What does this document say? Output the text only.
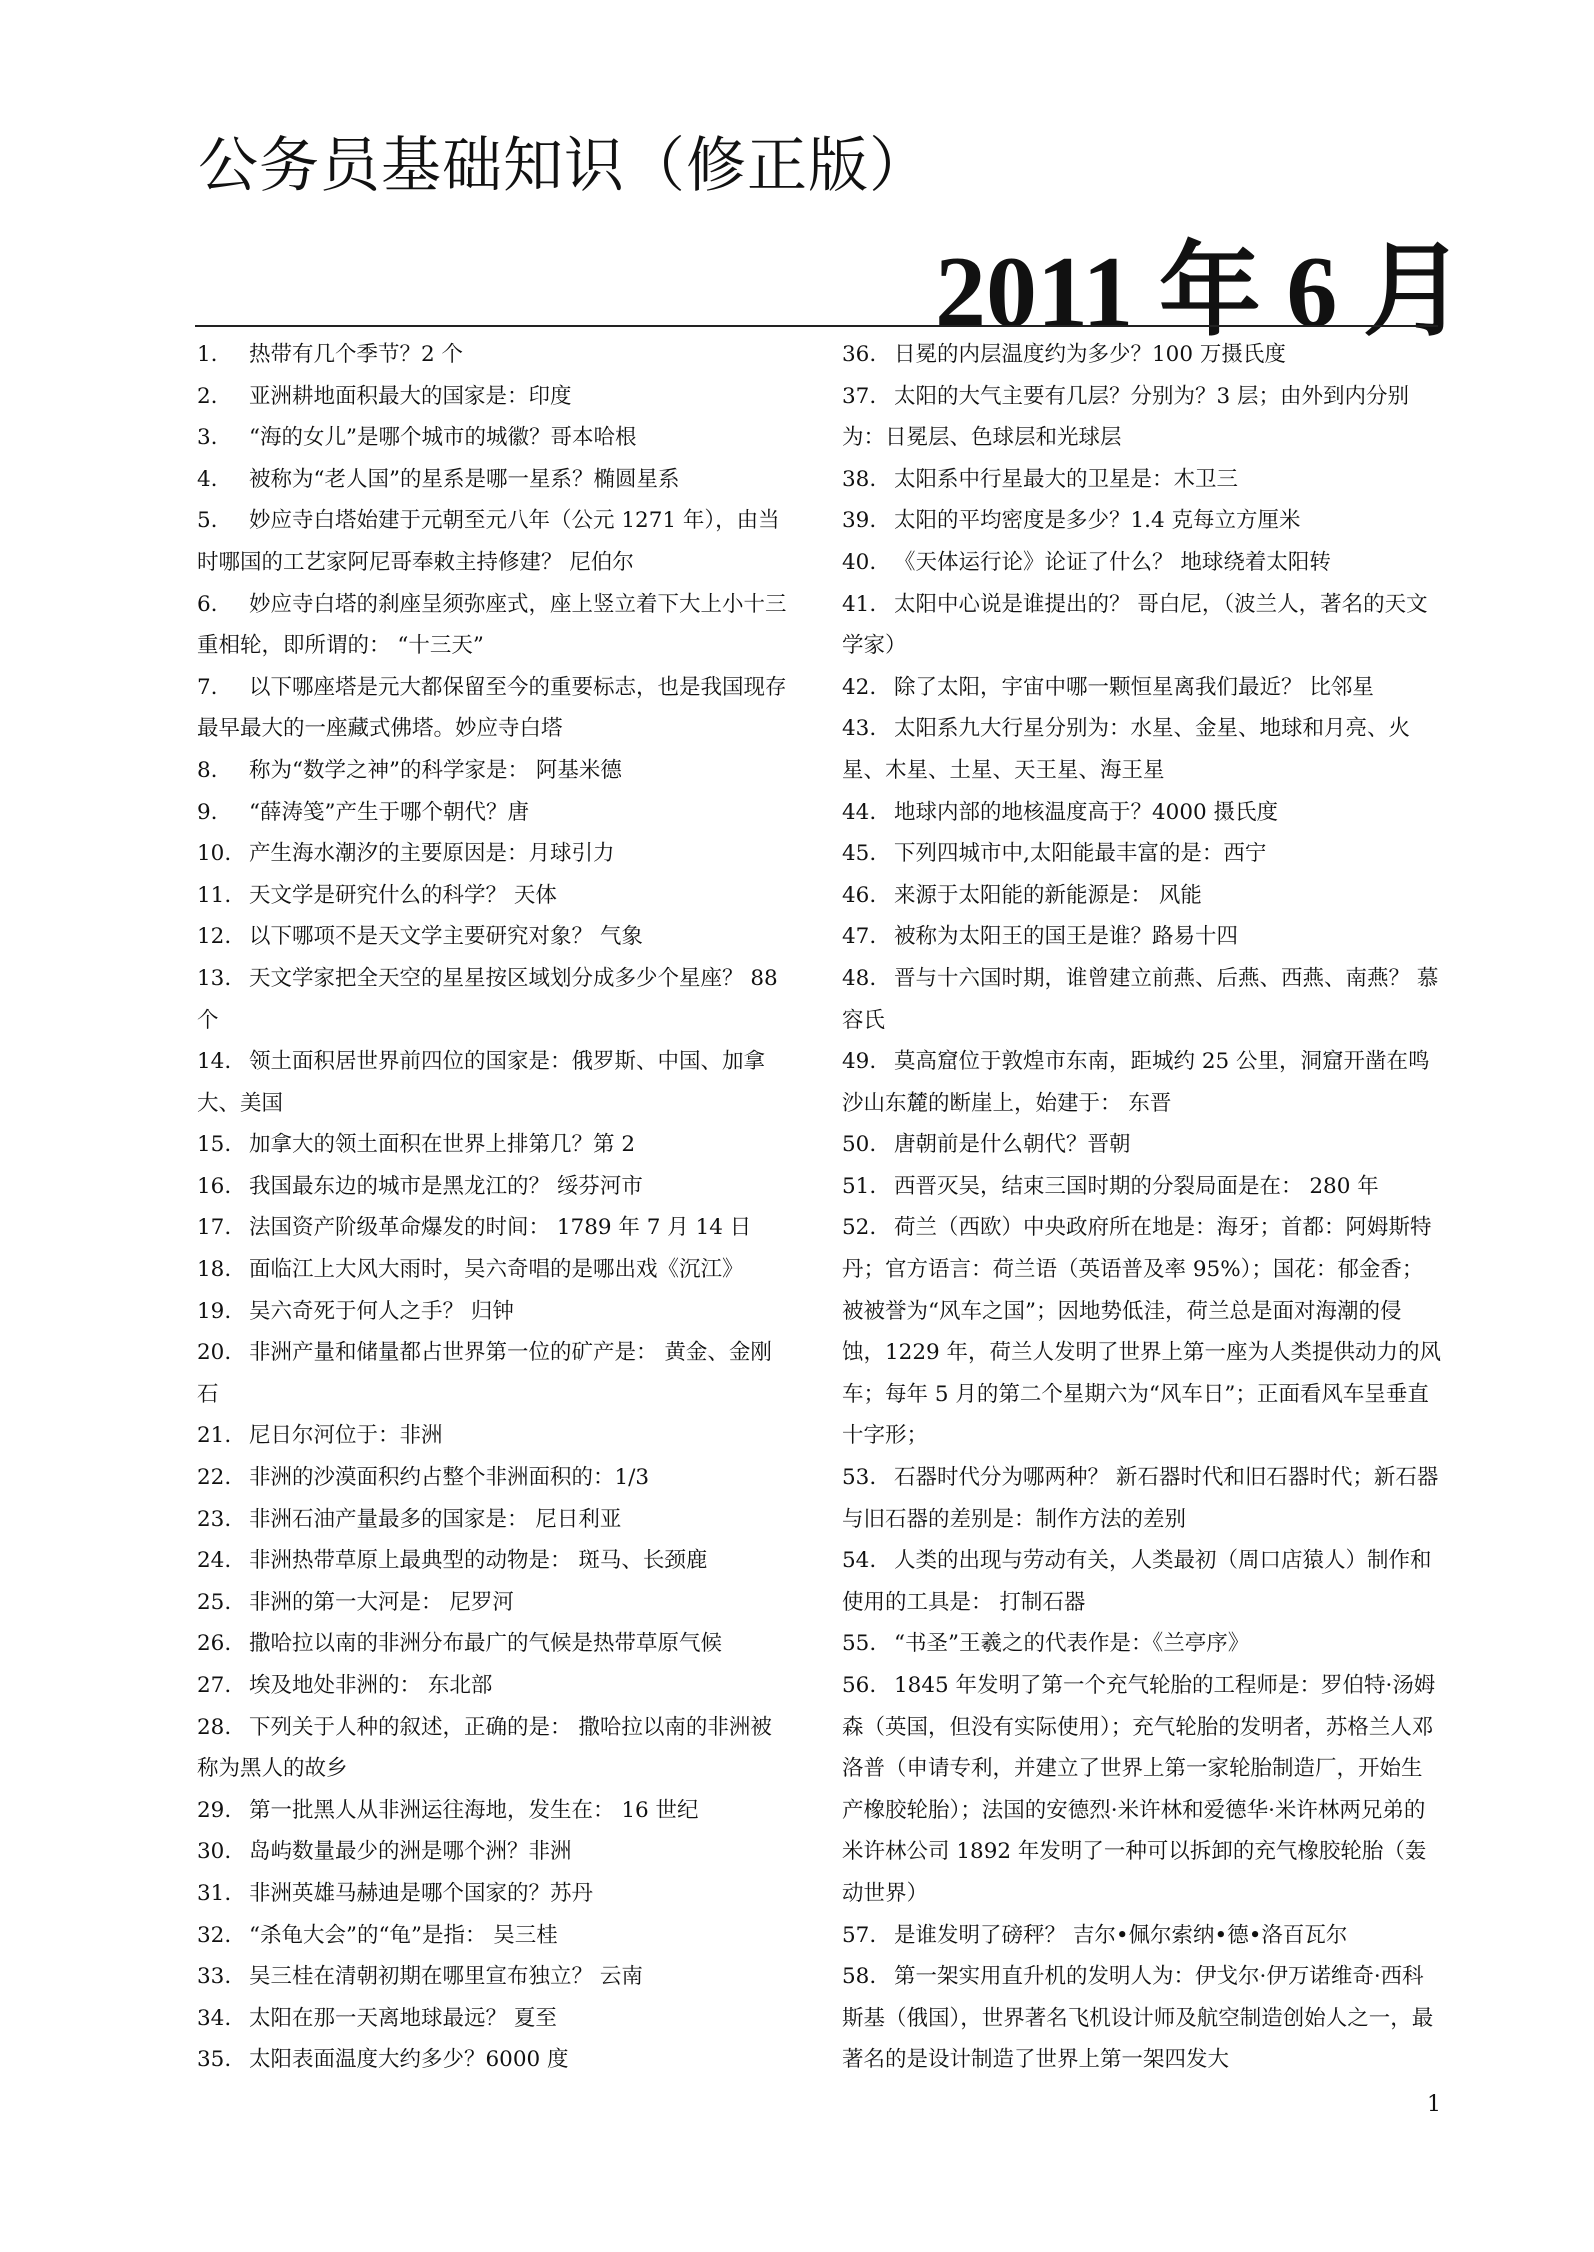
公务员基础知识（修正版）
2011 年 6 月
1.	热带有几个季节？2 个
2.	亚洲耕地面积最大的国家是：印度
3.	“海的女儿”是哪个城市的城徽？哥本哈根
4.	被称为“老人国”的星系是哪一星系？椭圆星系
5. 妙应寺白塔始建于元朝至元八年（公元 1271 年），由当时哪国的工艺家阿尼哥奉敕主持修建？ 尼伯尔
6. 妙应寺白塔的刹座呈须弥座式，座上竖立着下大上小十三重相轮，即所谓的： “十三天”
7. 以下哪座塔是元大都保留至今的重要标志，也是我国现存最早最大的一座藏式佛塔。妙应寺白塔
8.	称为“数学之神”的科学家是： 阿基米德
9.	“薛涛笺”产生于哪个朝代？唐
10. 产生海水潮汐的主要原因是：月球引力
11. 天文学是研究什么的科学？ 天体
12. 以下哪项不是天文学主要研究对象？ 气象
13. 天文学家把全天空的星星按区域划分成多少个星座？ 88 个
14. 领土面积居世界前四位的国家是：俄罗斯、中国、加拿大、美国
15. 加拿大的领土面积在世界上排第几？第 2
16. 我国最东边的城市是黑龙江的？ 绥芬河市
17. 法国资产阶级革命爆发的时间： 1789 年 7 月 14 日
18. 面临江上大风大雨时，吴六奇唱的是哪出戏《沉江》
19. 吴六奇死于何人之手？ 归钟
20. 非洲产量和储量都占世界第一位的矿产是： 黄金、金刚石
21. 尼日尔河位于：非洲
22. 非洲的沙漠面积约占整个非洲面积的：1/3
23. 非洲石油产量最多的国家是： 尼日利亚
24. 非洲热带草原上最典型的动物是： 斑马、长颈鹿
25. 非洲的第一大河是： 尼罗河
26. 撒哈拉以南的非洲分布最广的气候是热带草原气候
27. 埃及地处非洲的： 东北部
28. 下列关于人种的叙述，正确的是： 撒哈拉以南的非洲被称为黑人的故乡
29. 第一批黑人从非洲运往海地，发生在： 16 世纪
30. 岛屿数量最少的洲是哪个洲？非洲
31. 非洲英雄马赫迪是哪个国家的？苏丹
32. “杀龟大会”的“龟”是指： 吴三桂
33. 吴三桂在清朝初期在哪里宣布独立？ 云南
34. 太阳在那一天离地球最远？ 夏至
35. 太阳表面温度大约多少？6000 度
36. 日冕的内层温度约为多少？100 万摄氏度
37. 太阳的大气主要有几层？分别为？3 层；由外到内分别为：日冕层、色球层和光球层
38. 太阳系中行星最大的卫星是：木卫三
39. 太阳的平均密度是多少？1.4 克每立方厘米
40. 《天体运行论》论证了什么？ 地球绕着太阳转
41. 太阳中心说是谁提出的？ 哥白尼，（波兰人，著名的天文学家）
42. 除了太阳，宇宙中哪一颗恒星离我们最近？ 比邻星
43. 太阳系九大行星分别为：水星、金星、地球和月亮、火星、木星、土星、天王星、海王星
44. 地球内部的地核温度高于？4000 摄氏度
45. 下列四城市中,太阳能最丰富的是：西宁
46. 来源于太阳能的新能源是： 风能
47. 被称为太阳王的国王是谁？路易十四
48. 晋与十六国时期，谁曾建立前燕、后燕、西燕、南燕？ 慕容氏
49. 莫高窟位于敦煌市东南，距城约 25 公里，洞窟开凿在鸣沙山东麓的断崖上，始建于： 东晋
50. 唐朝前是什么朝代？晋朝
51. 西晋灭吴，结束三国时期的分裂局面是在： 280 年
52. 荷兰（西欧）中央政府所在地是：海牙；首都：阿姆斯特丹；官方语言：荷兰语（英语普及率 95%）；国花：郁金香；被被誉为“风车之国”；因地势低洼，荷兰总是面对海潮的侵蚀，1229 年，荷兰人发明了世界上第一座为人类提供动力的风车；每年 5 月的第二个星期六为“风车日”；正面看风车呈垂直十字形；
53. 石器时代分为哪两种？ 新石器时代和旧石器时代；新石器与旧石器的差别是：制作方法的差别
54. 人类的出现与劳动有关，人类最初（周口店猿人）制作和使用的工具是： 打制石器
55. “书圣”王羲之的代表作是：《兰亭序》
56. 1845 年发明了第一个充气轮胎的工程师是：罗伯特·汤姆森（英国，但没有实际使用）；充气轮胎的发明者，苏格兰人邓洛普（申请专利，并建立了世界上第一家轮胎制造厂，开始生产橡胶轮胎）；法国的安德烈·米许林和爱德华·米许林两兄弟的米许林公司 1892 年发明了一种可以拆卸的充气橡胶轮胎（轰动世界）
57. 是谁发明了磅秤？ 吉尔•佩尔索纳•德•洛百瓦尔
58. 第一架实用直升机的发明人为：伊戈尔·伊万诺维奇·西科斯基（俄国），世界著名飞机设计师及航空制造创始人之一，最著名的是设计制造了世界上第一架四发大
1
